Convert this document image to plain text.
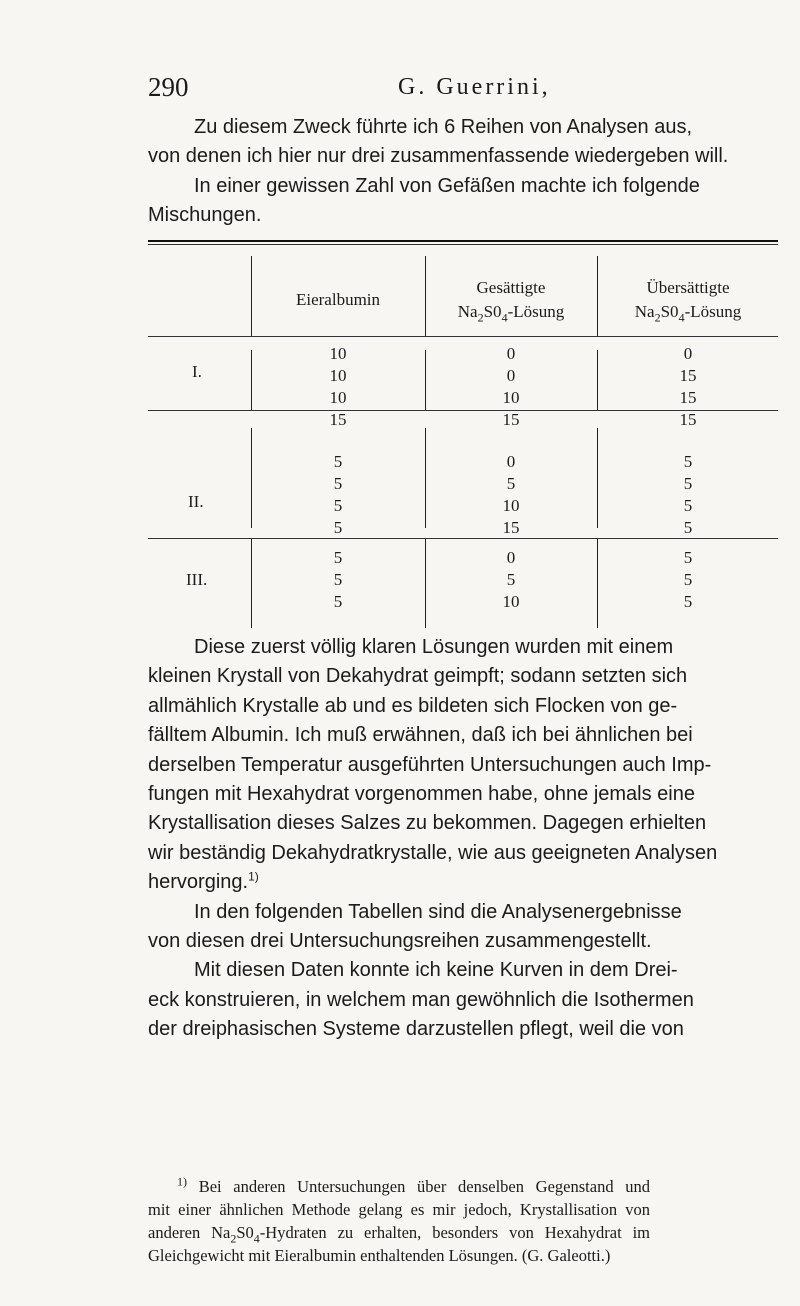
290	G. Guerrini,
Zu diesem Zweck führte ich 6 Reihen von Analysen aus,
von denen ich hier nur drei zusammenfassende wiedergeben will.
In einer gewissen Zahl von Gefäßen machte ich folgende
Mischungen.
Eieralbumin
Gesättigte
$Na_2S0_4$-Lösung
Übersättigte
$Na_2S0_4$-Lösung
I.
10	0	0
10	0	15
10	10	15
15	15	15
II.
5	0	5
5	5	5
5	10	5
5	15	5
III.
5	0	5
5	5	5
5	10	5
Diese zuerst völlig klaren Lösungen wurden mit einem
kleinen Krystall von Dekahydrat geimpft; sodann setzten sich
allmählich Krystalle ab und es bildeten sich Flocken von ge-
fälltem Albumin. Ich muß erwähnen, daß ich bei ähnlichen bei
derselben Temperatur ausgeführten Untersuchungen auch Imp-
fungen mit Hexahydrat vorgenommen habe, ohne jemals eine
Krystallisation dieses Salzes zu bekommen. Dagegen erhielten
wir beständig Dekahydratkrystalle, wie aus geeigneten Analysen
hervorging.$^{1)}$
In den folgenden Tabellen sind die Analysenergebnisse
von diesen drei Untersuchungsreihen zusammengestellt.
Mit diesen Daten konnte ich keine Kurven in dem Drei-
eck konstruieren, in welchem man gewöhnlich die Isothermen
der dreiphasischen Systeme darzustellen pflegt, weil die von
$^{1)}$ Bei anderen Untersuchungen über denselben Gegenstand und
mit einer ähnlichen Methode gelang es mir jedoch, Krystallisation von
anderen $Na_2S0_4$-Hydraten zu erhalten, besonders von Hexahydrat im
Gleichgewicht mit Eieralbumin enthaltenden Lösungen. (G. Galeotti.)
